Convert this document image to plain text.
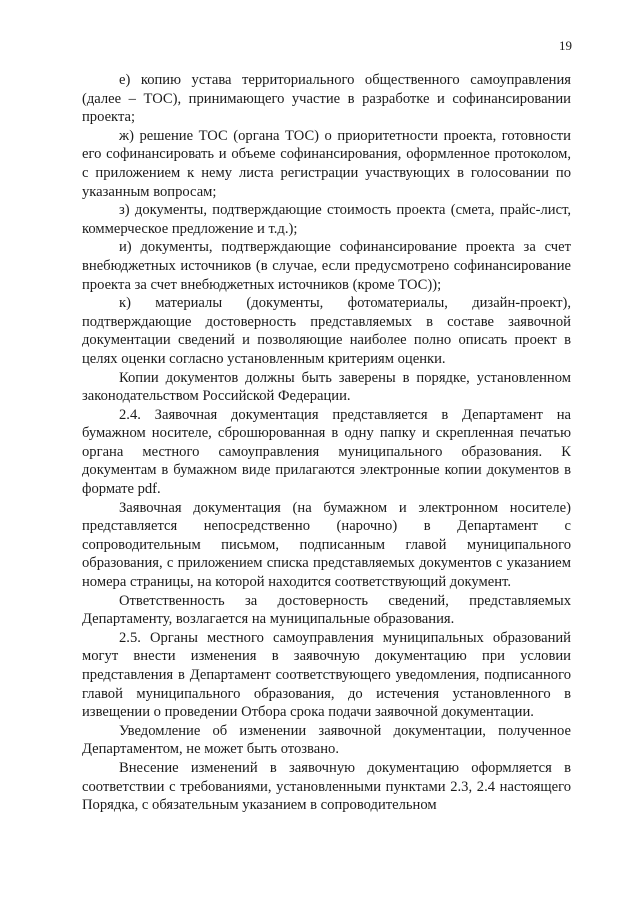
19

е) копию устава территориального общественного самоуправления (далее – ТОС), принимающего участие в разработке и софинансировании проекта;

ж) решение ТОС (органа ТОС) о приоритетности проекта, готовности его софинансировать и объеме софинансирования, оформленное протоколом, с приложением к нему листа регистрации участвующих в голосовании по указанным вопросам;

з) документы, подтверждающие стоимость проекта (смета, прайс-лист, коммерческое предложение и т.д.);

и) документы, подтверждающие софинансирование проекта за счет внебюджетных источников (в случае, если предусмотрено софинансирование проекта за счет внебюджетных источников (кроме ТОС));

к) материалы (документы, фотоматериалы, дизайн-проект), подтверждающие достоверность представляемых в составе заявочной документации сведений и позволяющие наиболее полно описать проект в целях оценки согласно установленным критериям оценки.

Копии документов должны быть заверены в порядке, установленном законодательством Российской Федерации.

2.4. Заявочная документация представляется в Департамент на бумажном носителе, сброшюрованная в одну папку и скрепленная печатью органа местного самоуправления муниципального образования. К документам в бумажном виде прилагаются электронные копии документов в формате pdf.

Заявочная документация (на бумажном и электронном носителе) представляется непосредственно (нарочно) в Департамент с сопроводительным письмом, подписанным главой муниципального образования, с приложением списка представляемых документов с указанием номера страницы, на которой находится соответствующий документ.

Ответственность за достоверность сведений, представляемых Департаменту, возлагается на муниципальные образования.

2.5. Органы местного самоуправления муниципальных образований могут внести изменения в заявочную документацию при условии представления в Департамент соответствующего уведомления, подписанного главой муниципального образования, до истечения установленного в извещении о проведении Отбора срока подачи заявочной документации.

Уведомление об изменении заявочной документации, полученное Департаментом, не может быть отозвано.

Внесение изменений в заявочную документацию оформляется в соответствии с требованиями, установленными пунктами 2.3, 2.4 настоящего Порядка, с обязательным указанием в сопроводительном
